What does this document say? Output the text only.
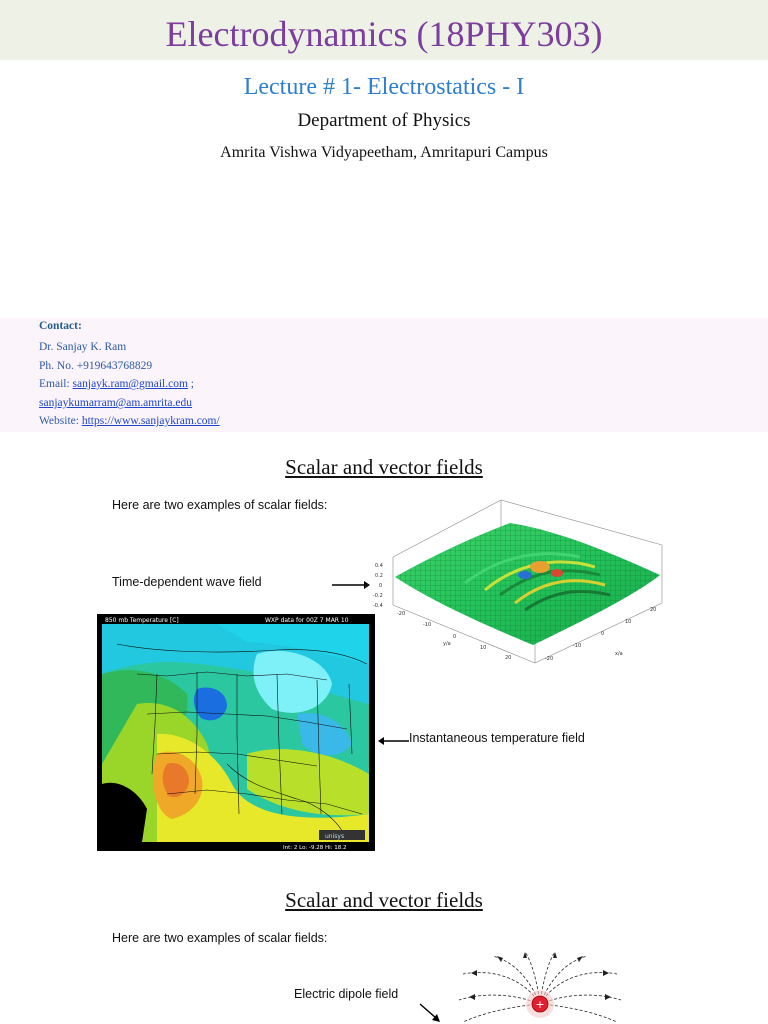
Electrodynamics (18PHY303)
Lecture # 1- Electrostatics - I
Department of Physics
Amrita Vishwa Vidyapeetham, Amritapuri Campus
Contact:
Dr. Sanjay K. Ram
Ph. No. +919643768829
Email: sanjayk.ram@gmail.com ;
sanjaykumarram@am.amrita.edu
Website: https://www.sanjaykram.com/
Scalar and vector fields
Here are two examples of scalar fields:
Time-dependent wave field
0.4
0.2
0
-0.2
-0.4
u
y/a
x/a
-20
-10
0
10
20	-20
-10
0
10
20
850 mb Temperature [C]	WXP data for 00Z 7 MAR 10
unisys
Int: 2 Lo: -9.28 Hi: 18.2
Instantaneous temperature field
Scalar and vector fields
Here are two examples of scalar fields:
Electric dipole field
+
